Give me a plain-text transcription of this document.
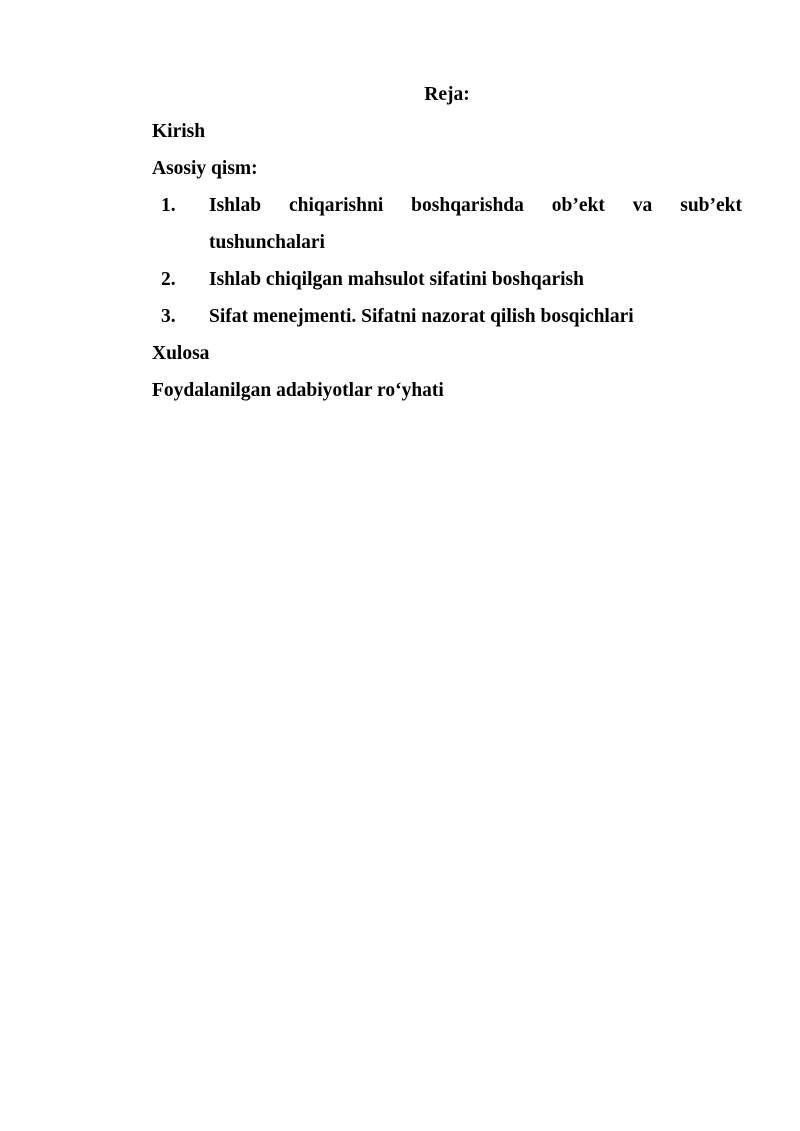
Reja:

Kirish

Asosiy qism:

1.	Ishlab chiqarishni boshqarishda ob’ekt va sub’ekt tushunchalari
2.	Ishlab chiqilgan mahsulot sifatini boshqarish
3.	Sifat menejmenti. Sifatni nazorat qilish bosqichlari

Xulosa

Foydalanilgan adabiyotlar ro‘yhati
